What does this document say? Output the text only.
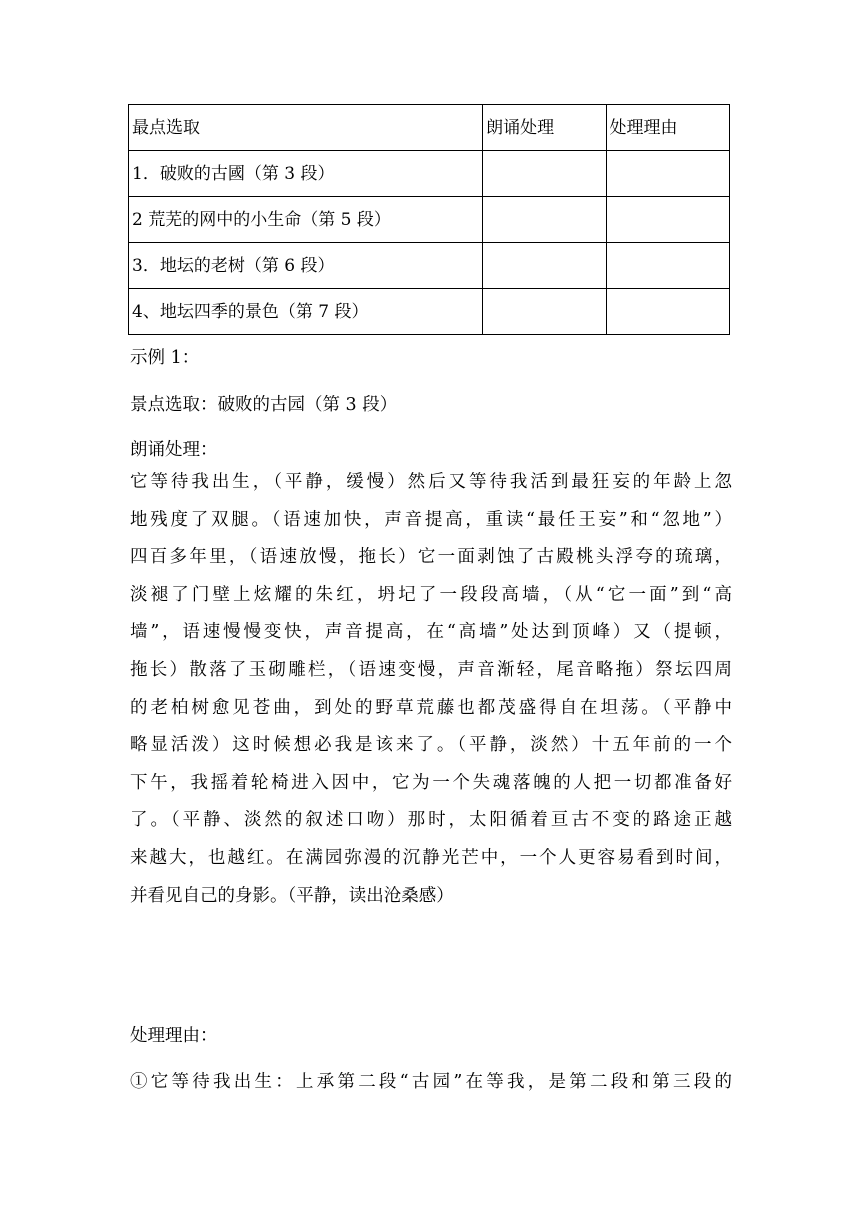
最点选取	朗诵处理	处理理由
1．破败的古國（第 3 段）		
2 荒芜的网中的小生命（第 5 段）		
3．地坛的老树（第 6 段）		
4、地坛四季的景色（第 7 段）		
示例 1：
景点选取：破败的古园（第 3 段）
朗诵处理：
它等待我出生，（平静，缓慢）然后又等待我活到最狂妄的年龄上忽
地残度了双腿。（语速加快，声音提高，重读“最任王妄”和“忽地”）
四百多年里，（语速放慢，拖长）它一面剥蚀了古殿桃头浮夸的琉璃，
淡褪了门壁上炫耀的朱红，坍圮了一段段高墙，（从“它一面”到“高
墙”，语速慢慢变快，声音提高，在“高墙”处达到顶峰）又（提顿，
拖长）散落了玉砌雕栏，（语速变慢，声音渐轻，尾音略拖）祭坛四周
的老柏树愈见苍曲，到处的野草荒藤也都茂盛得自在坦荡。（平静中
略显活泼）这时候想必我是该来了。（平静，淡然）十五年前的一个
下午，我摇着轮椅进入因中，它为一个失魂落魄的人把一切都准备好
了。（平静、淡然的叙述口吻）那时，太阳循着亘古不变的路途正越
来越大，也越红。在满园弥漫的沉静光芒中，一个人更容易看到时间，
并看见自己的身影。（平静，读出沧桑感）
处理理由：
①它等待我出生：上承第二段“古园”在等我，是第二段和第三段的
